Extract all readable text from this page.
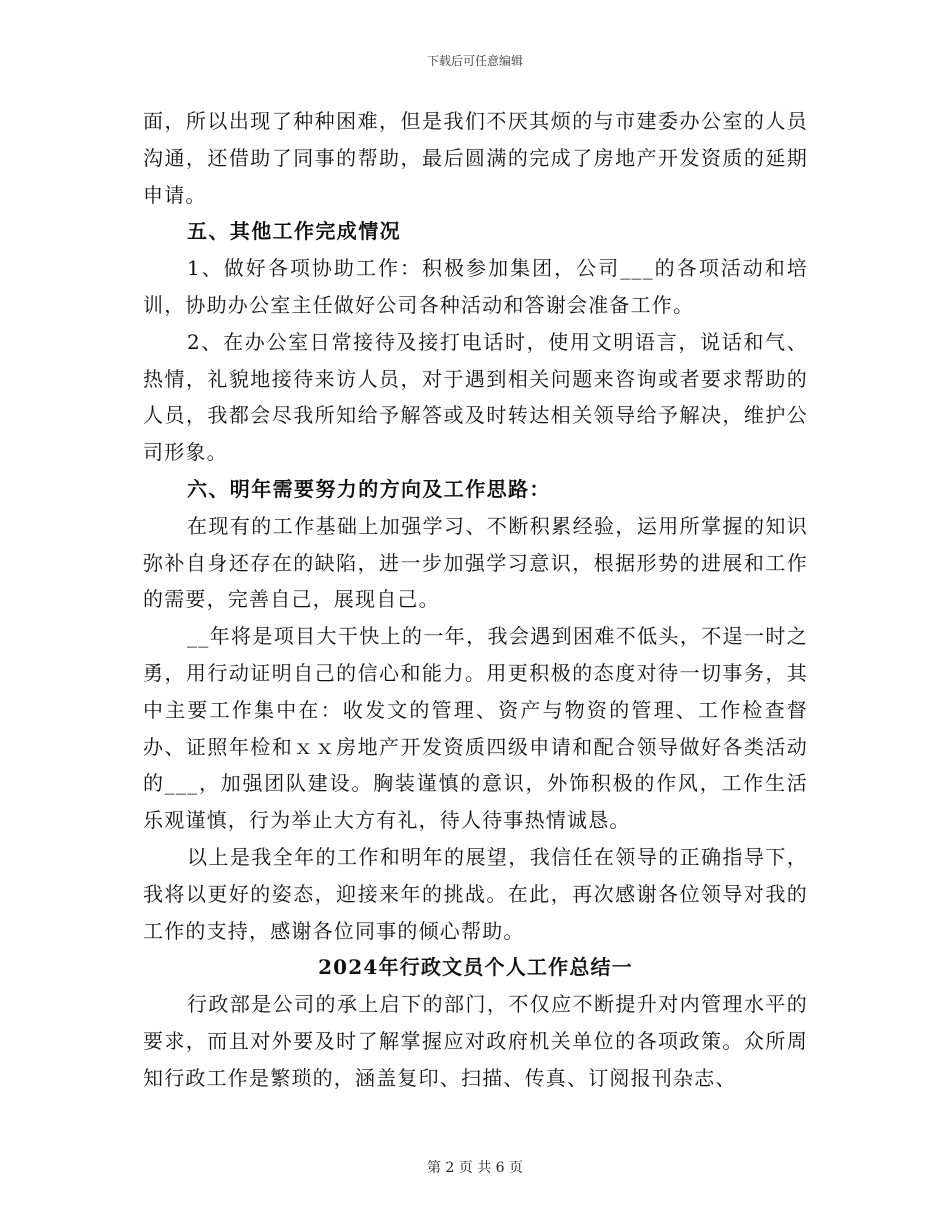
下载后可任意编辑

面，所以出现了种种困难，但是我们不厌其烦的与市建委办公室的人员沟通，还借助了同事的帮助，最后圆满的完成了房地产开发资质的延期申请。

五、其他工作完成情况

1、做好各项协助工作：积极参加集团，公司___的各项活动和培训，协助办公室主任做好公司各种活动和答谢会准备工作。

2、在办公室日常接待及接打电话时，使用文明语言，说话和气、热情，礼貌地接待来访人员，对于遇到相关问题来咨询或者要求帮助的人员，我都会尽我所知给予解答或及时转达相关领导给予解决，维护公司形象。

六、明年需要努力的方向及工作思路：

在现有的工作基础上加强学习、不断积累经验，运用所掌握的知识弥补自身还存在的缺陷，进一步加强学习意识，根据形势的进展和工作的需要，完善自己，展现自己。

__年将是项目大干快上的一年，我会遇到困难不低头，不逞一时之勇，用行动证明自己的信心和能力。用更积极的态度对待一切事务，其中主要工作集中在：收发文的管理、资产与物资的管理、工作检查督办、证照年检和ｘｘ房地产开发资质四级申请和配合领导做好各类活动的___，加强团队建设。胸装谨慎的意识，外饰积极的作风，工作生活乐观谨慎，行为举止大方有礼，待人待事热情诚恳。

以上是我全年的工作和明年的展望，我信任在领导的正确指导下，我将以更好的姿态，迎接来年的挑战。在此，再次感谢各位领导对我的工作的支持，感谢各位同事的倾心帮助。

2024年行政文员个人工作总结一

行政部是公司的承上启下的部门，不仅应不断提升对内管理水平的要求，而且对外要及时了解掌握应对政府机关单位的各项政策。众所周知行政工作是繁琐的，涵盖复印、扫描、传真、订阅报刊杂志、

第 2 页 共 6 页
